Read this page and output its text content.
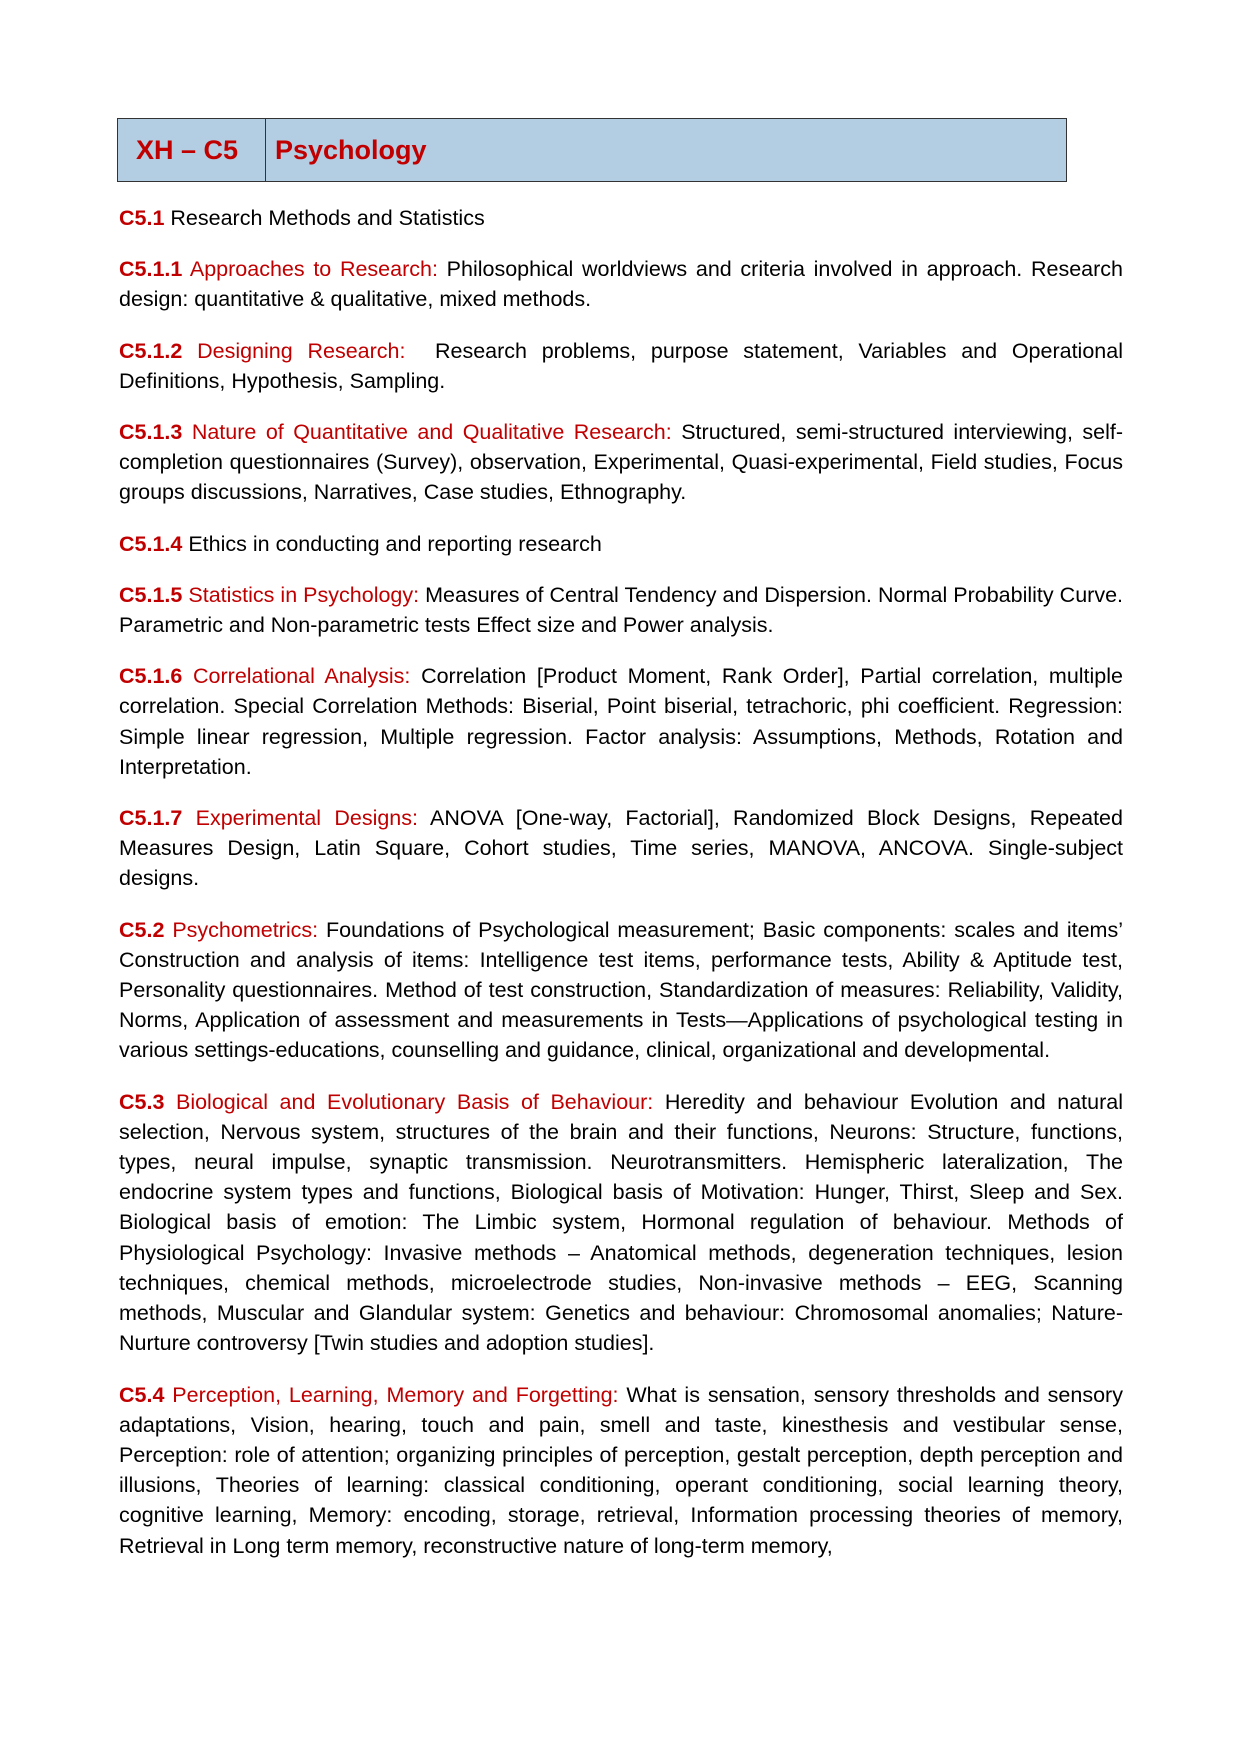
XH – C5	Psychology

C5.1 Research Methods and Statistics

C5.1.1 Approaches to Research: Philosophical worldviews and criteria involved in approach. Research design: quantitative & qualitative, mixed methods.

C5.1.2 Designing Research: Research problems, purpose statement, Variables and Operational Definitions, Hypothesis, Sampling.

C5.1.3 Nature of Quantitative and Qualitative Research: Structured, semi-structured interviewing, self-completion questionnaires (Survey), observation, Experimental, Quasi-experimental, Field studies, Focus groups discussions, Narratives, Case studies, Ethnography.

C5.1.4 Ethics in conducting and reporting research

C5.1.5 Statistics in Psychology: Measures of Central Tendency and Dispersion. Normal Probability Curve. Parametric and Non-parametric tests Effect size and Power analysis.

C5.1.6 Correlational Analysis: Correlation [Product Moment, Rank Order], Partial correlation, multiple correlation. Special Correlation Methods: Biserial, Point biserial, tetrachoric, phi coefficient. Regression: Simple linear regression, Multiple regression. Factor analysis: Assumptions, Methods, Rotation and Interpretation.

C5.1.7 Experimental Designs: ANOVA [One-way, Factorial], Randomized Block Designs, Repeated Measures Design, Latin Square, Cohort studies, Time series, MANOVA, ANCOVA. Single-subject designs.

C5.2 Psychometrics: Foundations of Psychological measurement; Basic components: scales and items’ Construction and analysis of items: Intelligence test items, performance tests, Ability & Aptitude test, Personality questionnaires. Method of test construction, Standardization of measures: Reliability, Validity, Norms, Application of assessment and measurements in Tests—Applications of psychological testing in various settings-educations, counselling and guidance, clinical, organizational and developmental.

C5.3 Biological and Evolutionary Basis of Behaviour: Heredity and behaviour Evolution and natural selection, Nervous system, structures of the brain and their functions, Neurons: Structure, functions, types, neural impulse, synaptic transmission. Neurotransmitters. Hemispheric lateralization, The endocrine system types and functions, Biological basis of Motivation: Hunger, Thirst, Sleep and Sex. Biological basis of emotion: The Limbic system, Hormonal regulation of behaviour. Methods of Physiological Psychology: Invasive methods – Anatomical methods, degeneration techniques, lesion techniques, chemical methods, microelectrode studies, Non-invasive methods – EEG, Scanning methods, Muscular and Glandular system: Genetics and behaviour: Chromosomal anomalies; Nature-Nurture controversy [Twin studies and adoption studies].

C5.4 Perception, Learning, Memory and Forgetting: What is sensation, sensory thresholds and sensory adaptations, Vision, hearing, touch and pain, smell and taste, kinesthesis and vestibular sense, Perception: role of attention; organizing principles of perception, gestalt perception, depth perception and illusions, Theories of learning: classical conditioning, operant conditioning, social learning theory, cognitive learning, Memory: encoding, storage, retrieval, Information processing theories of memory, Retrieval in Long term memory, reconstructive nature of long-term memory,
